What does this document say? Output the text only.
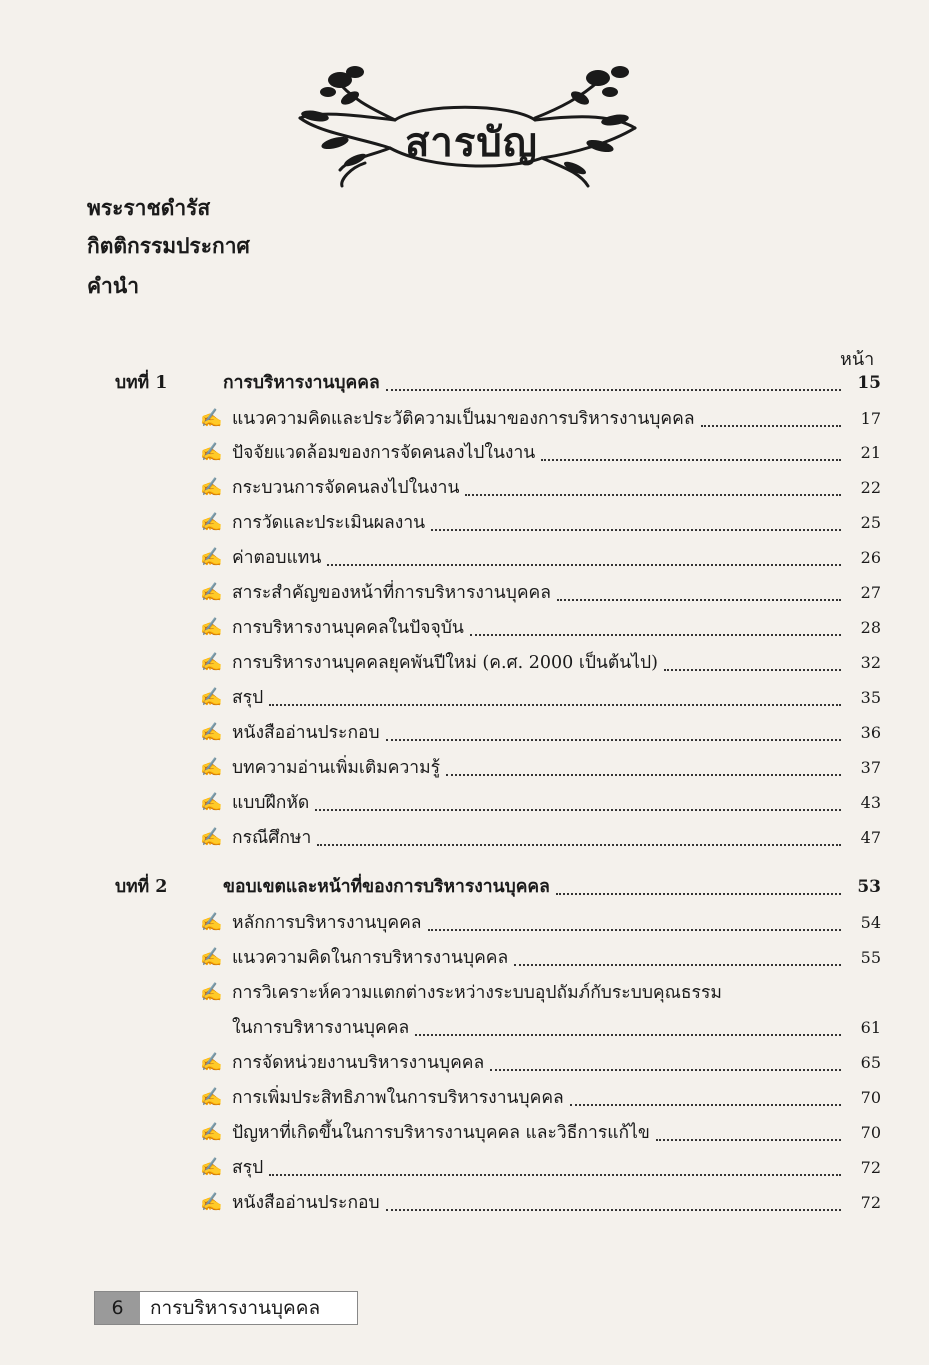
สารบัญ
พระราชดำรัส
กิตติกรรมประกาศ
คำนำ
หน้า
บทที่ 1	การบริหารงานบุคคล	15
✍ แนวความคิดและประวัติความเป็นมาของการบริหารงานบุคคล	17
✍ ปัจจัยแวดล้อมของการจัดคนลงไปในงาน	21
✍ กระบวนการจัดคนลงไปในงาน	22
✍ การวัดและประเมินผลงาน	25
✍ ค่าตอบแทน	26
✍ สาระสำคัญของหน้าที่การบริหารงานบุคคล	27
✍ การบริหารงานบุคคลในปัจจุบัน	28
✍ การบริหารงานบุคคลยุคพันปีใหม่ (ค.ศ. 2000 เป็นต้นไป)	32
✍ สรุป	35
✍ หนังสืออ่านประกอบ	36
✍ บทความอ่านเพิ่มเติมความรู้	37
✍ แบบฝึกหัด	43
✍ กรณีศึกษา	47
บทที่ 2	ขอบเขตและหน้าที่ของการบริหารงานบุคคล	53
✍ หลักการบริหารงานบุคคล	54
✍ แนวความคิดในการบริหารงานบุคคล	55
✍ การวิเคราะห์ความแตกต่างระหว่างระบบอุปถัมภ์กับระบบคุณธรรม
ในการบริหารงานบุคคล	61
✍ การจัดหน่วยงานบริหารงานบุคคล	65
✍ การเพิ่มประสิทธิภาพในการบริหารงานบุคคล	70
✍ ปัญหาที่เกิดขึ้นในการบริหารงานบุคคล และวิธีการแก้ไข	70
✍ สรุป	72
✍ หนังสืออ่านประกอบ	72
6	การบริหารงานบุคคล
